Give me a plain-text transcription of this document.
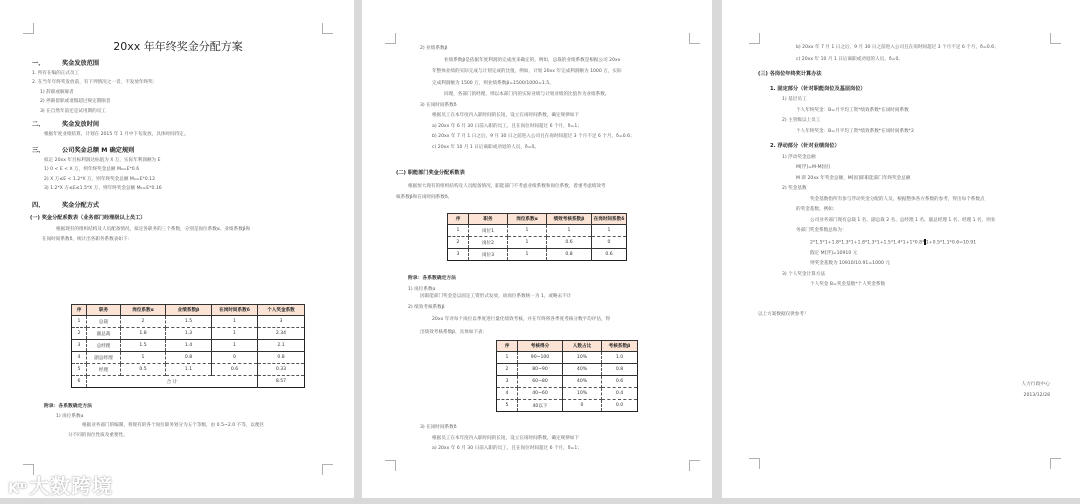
20xx 年年终奖金分配方案
一、	奖金发放范围
1. 所有在编的正式员工
2. 在当年年终奖发放前，有下列情况之一者，不发放年终奖：
1) 辞职或解雇者
2) 停薪留职或请假超过规定期限者
3) 在自然年前还是试用期的员工
二、	奖金发放时间
根据年度业绩结算，计划在 2015 年 1 月中下旬发放，具体时间待定。
三、	公司奖金总额 M 确定规则
拟定 20xx 年目标利润达标值为 X 万，实际年利润额为 E
1) 0 < E < X 万，则年终奖金总额 M₀=E*0.6
2) X 万≤E < 1.2*X 万，则年终奖金总额 M₀=E*0.12
3) 1.2*X 万≤E≤1.5*X 万，则年终奖金总额 M₀=E*0.16
四、	奖金分配方式
(一) 奖金分配系数表（业务部门经理级以上员工）
根据现有的组织结构及人员配备情况，拟定各职务的三个系数，分别是岗位系数α、业绩系数β和
在岗时间系数δ，统计出各职务系数表如下：
序	职务	岗位系数α	业绩系数β	在岗时间系数δ	个人奖金系数
1	总裁	2	1.5	1	3
2	副总裁	1.8	1.3	1	2.34
3	总经理	1.5	1.4	1	2.1
4	副总经理	1	0.8	0	0.8
5	经理	0.5	1.1	0.6	0.33
6	合 计				8.57
附录：各系数确定方法
1) 岗位系数α
根据业务部门的编制，将现有的各个岗位职务划分为五个等级，由 0.5~2.0 不等，以便区
分不同的岗位性质及重要性。
K⁰⁰ 大数跨境
2) 业绩系数β
业绩系数β是依据年度利润的完成度来确定的。例如，总裁的业绩系数是根据公司 20xx
年整体业绩的实际完成与计划完成的比值，例如，计划 20xx 年完成利润额为 1000 万，实际
完成利润额为 1500 万，则业绩系数β=1500/1000=1.5。
同理，各部门的经理，则以本部门内的实际业绩与计划业绩的比值作为业绩系数。
3) 在岗时间系数δ
根据员工在本年度内入职时间的长短，设立在岗时间系数，确定规律如下
a) 20xx 年 6 月 30 日前入职的员工，且在岗位时间超过 6 个月，δ=1；
b) 20xx 年 7 月 1 日之后，9 月 30 日之前进入公司且在岗时间超过 3 个月不足 6 个月，δ=0.6；
c) 20xx 年 10 月 1 日后离职或劝退的人员，δ=0。
(二) 职能部门奖金分配系数表
根据恒大现有的组织结构及人员配备情况，职能部门不考虑业绩系数和岗位系数，着重考虑绩效考
核系数β和在岗时间系数δ。
序	职务	岗位系数α	绩效考核系数β	在岗时间系数δ
1	岗位1	1	1	1
2	岗位2	1	0.6	0
3	岗位3	1	0.8	0.6
附录：各系数确定方法
1) 岗位系数α
因职能部门奖金是以固定工资形式发放，故岗位系数统一为 1，或略去不计
2) 绩效考核系数β
20xx 年对每个岗位以季度进行量化绩效考核，并在年终将各季度考核分数平均评估，得
出绩效考核系数β，具体如下表：
序	考核得分	人数占比	考核系数β
1	90~100	10%	1.0
2	80~90	40%	0.8
3	60~80	40%	0.6
4	40~60	10%	0.4
5	40以下	0	0.0
3) 在岗时间系数δ
根据员工在本年度内入职时间的长短，设立在岗时间系数，确定规律如下
a) 20xx 年 6 月 30 日前入职的员工，且在岗位时间超过 6 个月，δ=1；
b) 20xx 年 7 月 1 日之后，9 月 30 日之前进入公司且在岗时间超过 3 个月不足 6 个月，δ=0.6；
c) 20xx 年 10 月 1 日后离职或劝退的人员，δ=0。
(三) 各岗位年终奖计算办法
1. 固定部分（针对职能岗位及基层岗位）
1) 基层员工
个人年终奖金：B=月平均工资*绩效系数*在岗时间系数
2) 主管级以上员工
个人年终奖金：B=月平均工资*绩效系数*在岗时间系数*2
2. 浮动部分（针对业绩岗位）
1) 浮动奖金总额
M[浮]=M-M[固]
M 即 20xx 年奖金总额，M[固]即职能部门年终奖金总额
2) 奖金基数
奖金基数指所有参与浮动奖金分配的人员，根据整体各方系数的参考，得出每个系数点
的奖金基数。例如：
公司业务部门现有总裁 1 名、副总裁 2 名、总经理 1 名、副总经理 1 名、经理 1 名，则业
务部门奖金系数总和为：
2*1.5*1+1.8*1.3*1+1.8*1.3*1+1.5*1.4*1+1*0.8* 1+0.5*1.1*0.6=10.91
假定 M[浮]=10910 元
则奖金基数为 10910/10.91=1000 元
3) 个人奖金计算方法
个人奖金 B=奖金基数*个人奖金系数
以上方案数据仅供参考！
人力行政中心
2013/12/28
